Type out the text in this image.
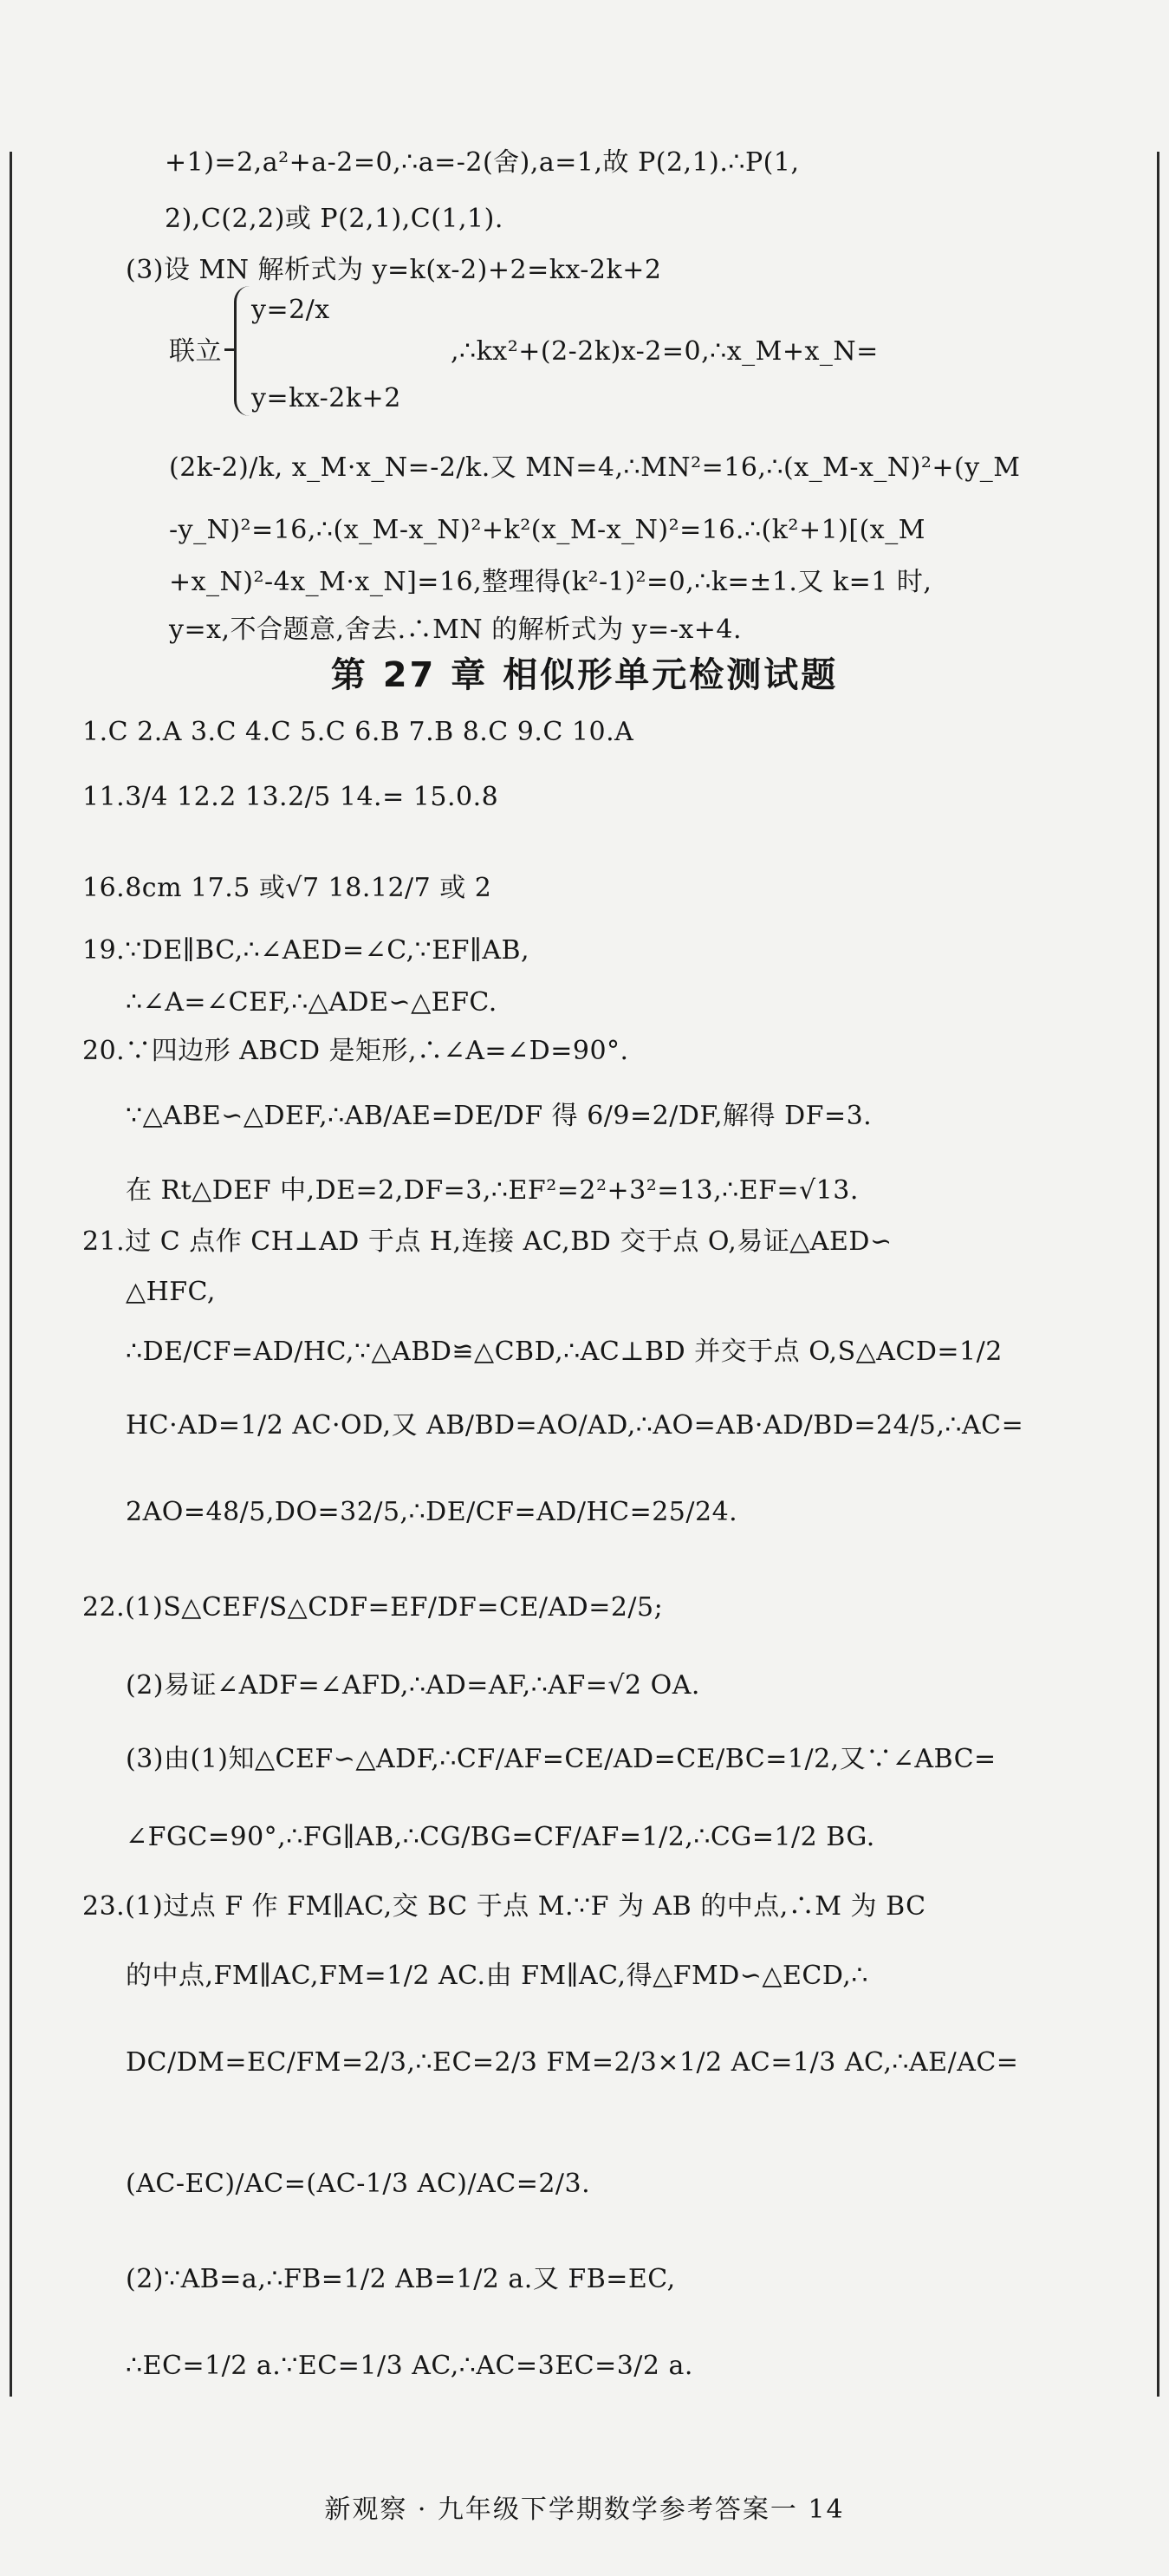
+1)=2,a²+a-2=0,∴a=-2(舍),a=1,故 P(2,1).∴P(1,
2),C(2,2)或 P(2,1),C(1,1).
(3)设 MN 解析式为 y=k(x-2)+2=kx-2k+2
y=2/x
联立
y=kx-2k+2
,∴kx²+(2-2k)x-2=0,∴x_M+x_N=
(2k-2)/k, x_M·x_N=-2/k.又 MN=4,∴MN²=16,∴(x_M-x_N)²+(y_M
-y_N)²=16,∴(x_M-x_N)²+k²(x_M-x_N)²=16.∴(k²+1)[(x_M
+x_N)²-4x_M·x_N]=16,整理得(k²-1)²=0,∴k=±1.又 k=1 时,
y=x,不合题意,舍去.∴MN 的解析式为 y=-x+4.
第 27 章 相似形单元检测试题
1.C 2.A 3.C 4.C 5.C 6.B 7.B 8.C 9.C 10.A
11.3/4 12.2 13.2/5 14.= 15.0.8
16.8cm 17.5 或√7 18.12/7 或 2
19.∵DE∥BC,∴∠AED=∠C,∵EF∥AB,
∴∠A=∠CEF,∴△ADE∽△EFC.
20.∵四边形 ABCD 是矩形,∴∠A=∠D=90°.
∵△ABE∽△DEF,∴AB/AE=DE/DF 得 6/9=2/DF,解得 DF=3.
在 Rt△DEF 中,DE=2,DF=3,∴EF²=2²+3²=13,∴EF=√13.
21.过 C 点作 CH⊥AD 于点 H,连接 AC,BD 交于点 O,易证△AED∽
△HFC,
∴DE/CF=AD/HC,∵△ABD≌△CBD,∴AC⊥BD 并交于点 O,S△ACD=1/2
HC·AD=1/2 AC·OD,又 AB/BD=AO/AD,∴AO=AB·AD/BD=24/5,∴AC=
2AO=48/5,DO=32/5,∴DE/CF=AD/HC=25/24.
22.(1)S△CEF/S△CDF=EF/DF=CE/AD=2/5;
(2)易证∠ADF=∠AFD,∴AD=AF,∴AF=√2 OA.
(3)由(1)知△CEF∽△ADF,∴CF/AF=CE/AD=CE/BC=1/2,又∵∠ABC=
∠FGC=90°,∴FG∥AB,∴CG/BG=CF/AF=1/2,∴CG=1/2 BG.
23.(1)过点 F 作 FM∥AC,交 BC 于点 M.∵F 为 AB 的中点,∴M 为 BC
的中点,FM∥AC,FM=1/2 AC.由 FM∥AC,得△FMD∽△ECD,∴
DC/DM=EC/FM=2/3,∴EC=2/3 FM=2/3×1/2 AC=1/3 AC,∴AE/AC=
(AC-EC)/AC=(AC-1/3 AC)/AC=2/3.
(2)∵AB=a,∴FB=1/2 AB=1/2 a.又 FB=EC,
∴EC=1/2 a.∵EC=1/3 AC,∴AC=3EC=3/2 a.
新观察 · 九年级下学期数学参考答案一 14
